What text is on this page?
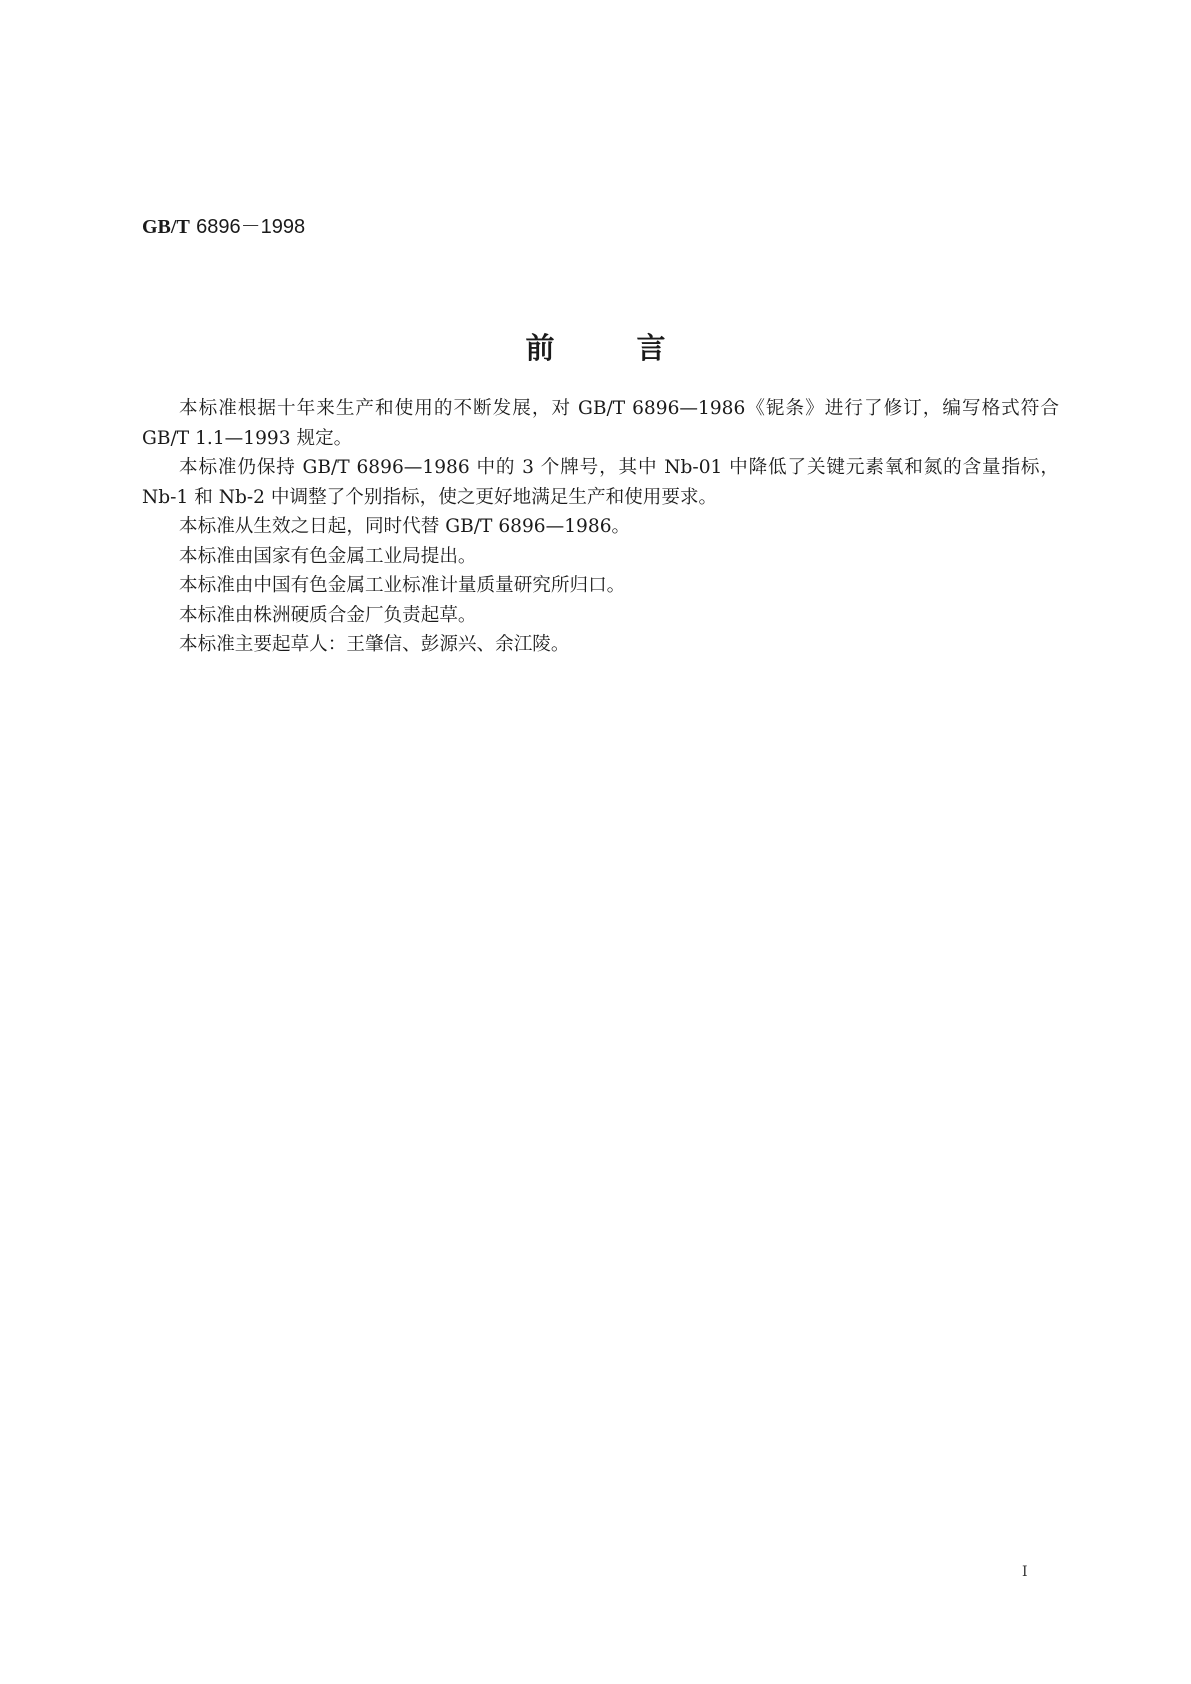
GB/T 6896－1998
前言

本标准根据十年来生产和使用的不断发展，对 GB/T 6896—1986《铌条》进行了修订，编写格式符合 GB/T 1.1—1993 规定。

本标准仍保持 GB/T 6896—1986 中的 3 个牌号，其中 Nb-01 中降低了关键元素氧和氮的含量指标，Nb-1 和 Nb-2 中调整了个别指标，使之更好地满足生产和使用要求。

本标准从生效之日起，同时代替 GB/T 6896—1986。

本标准由国家有色金属工业局提出。

本标准由中国有色金属工业标准计量质量研究所归口。

本标准由株洲硬质合金厂负责起草。

本标准主要起草人：王肇信、彭源兴、余江陵。

I
